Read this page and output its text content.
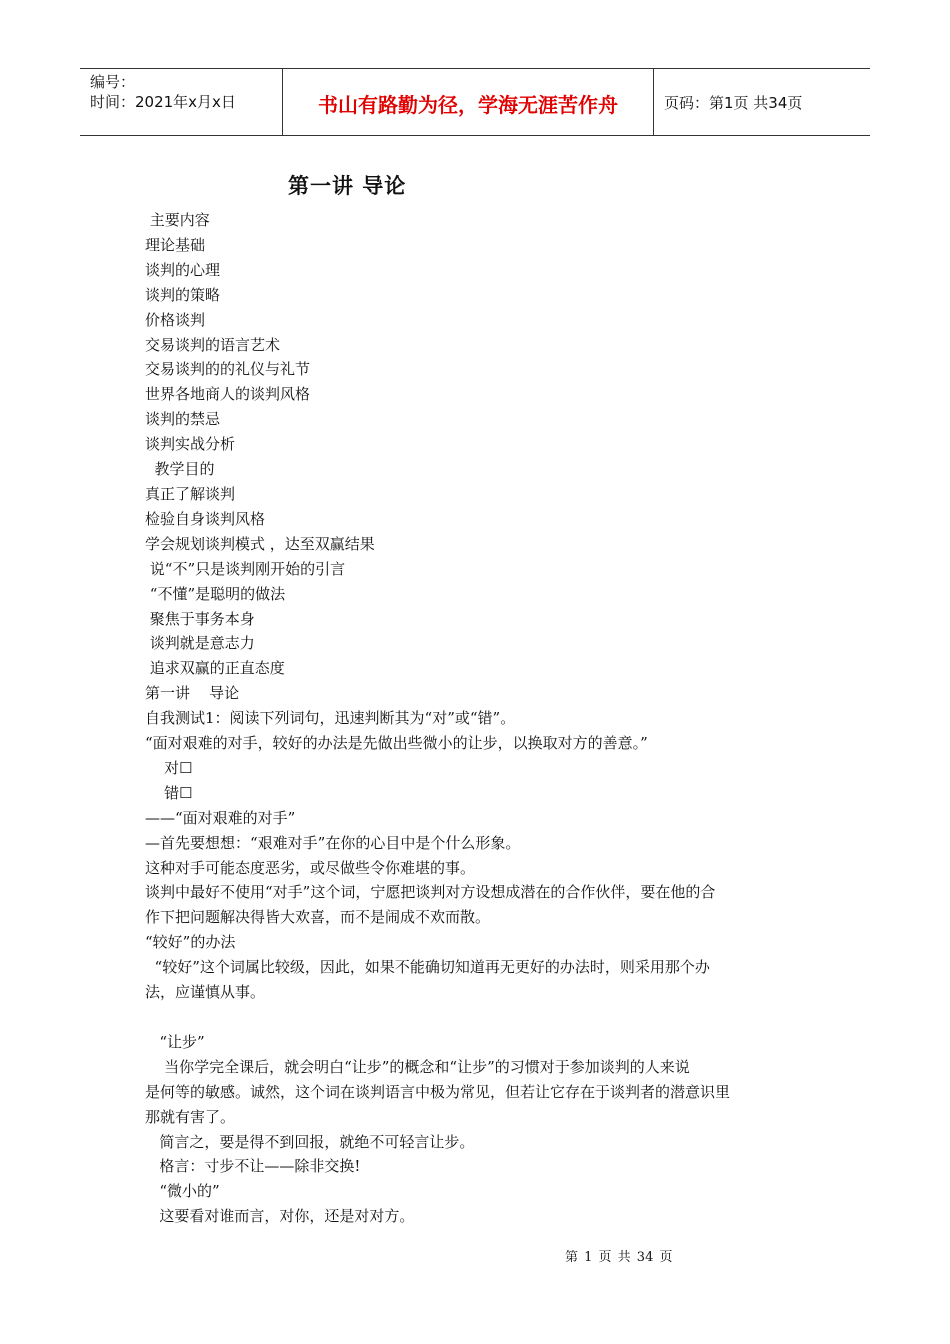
编号：
时间：2021年x月x日	书山有路勤为径，学海无涯苦作舟	页码：第1页 共34页
第一讲 导论

主要内容

理论基础

谈判的心理

谈判的策略

价格谈判

交易谈判的语言艺术

交易谈判的的礼仪与礼节

世界各地商人的谈判风格

谈判的禁忌

谈判实战分析

教学目的

真正了解谈判

检验自身谈判风格

学会规划谈判模式 ，达至双赢结果

说“不”只是谈判刚开始的引言

“不懂”是聪明的做法

聚焦于事务本身

谈判就是意志力

追求双赢的正直态度

第一讲    导论

自我测试1：阅读下列词句，迅速判断其为“对”或“错”。

“面对艰难的对手，较好的办法是先做出些微小的让步，以换取对方的善意。”

对☐

错☐

——“面对艰难的对手”

—首先要想想：“艰难对手”在你的心目中是个什么形象。

这种对手可能态度恶劣，或尽做些令你难堪的事。

谈判中最好不使用“对手”这个词，宁愿把谈判对方设想成潜在的合作伙伴，要在他的合

作下把问题解决得皆大欢喜，而不是闹成不欢而散。

“较好”的办法

“较好”这个词属比较级，因此，如果不能确切知道再无更好的办法时，则采用那个办

法，应谨慎从事。

“让步”

当你学完全课后，就会明白“让步”的概念和“让步”的习惯对于参加谈判的人来说

是何等的敏感。诚然，这个词在谈判语言中极为常见，但若让它存在于谈判者的潜意识里

那就有害了。

简言之，要是得不到回报，就绝不可轻言让步。

格言：寸步不让——除非交换!

“微小的”

这要看对谁而言，对你，还是对对方。

第 1 页 共 34 页
